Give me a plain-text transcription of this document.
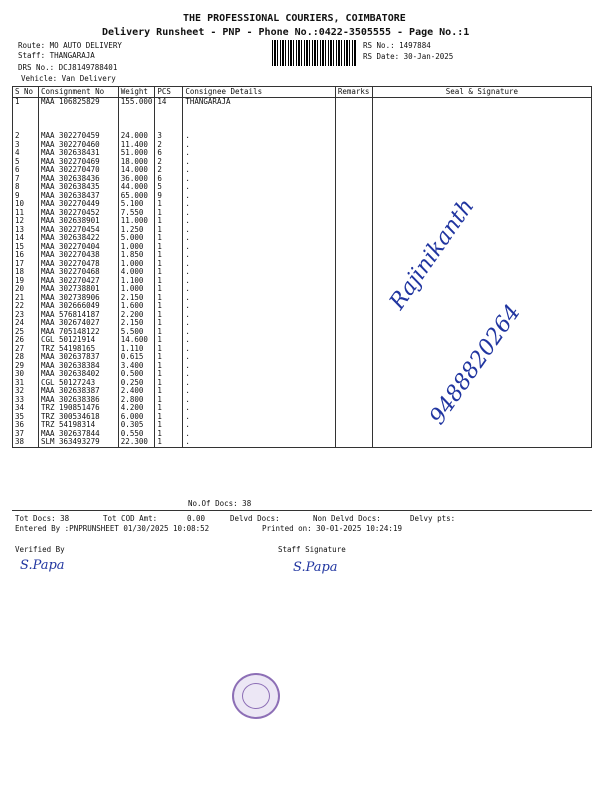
THE PROFESSIONAL COURIERS, COIMBATORE
Delivery Runsheet - PNP - Phone No.:0422-3505555 - Page No.:1
Route: MO AUTO DELIVERY
Staff: THANGARAJA
DRS No.: DCJ8149788401
Vehicle: Van Delivery
RS No.: 1497884
RS Date: 30-Jan-2025
S No	Consignment No	Weight	PCS	Consignee Details	Remarks	Seal & Signature
1	MAA 106825829	155.000	14	THANGARAJA		

2	MAA 302270459	24.000	3	.		
3	MAA 302270460	11.400	2	.		
4	MAA 302638431	51.000	6	.		
5	MAA 302270469	18.000	2	.		
6	MAA 302270470	14.000	2	.		
7	MAA 302638436	36.000	6	.		
8	MAA 302638435	44.000	5	.		
9	MAA 302638437	65.000	9	.		
10	MAA 302270449	5.100	1	.		
11	MAA 302270452	7.550	1	.		
12	MAA 302638901	11.000	1	.		
13	MAA 302270454	1.250	1	.		
14	MAA 302638422	5.000	1	.		
15	MAA 302270404	1.000	1	.		
16	MAA 302270438	1.850	1	.		
17	MAA 302270478	1.000	1	.		
18	MAA 302270468	4.000	1	.		
19	MAA 302270427	1.100	1	.		
20	MAA 302738801	1.000	1	.		
21	MAA 302738906	2.150	1	.		
22	MAA 302666049	1.600	1	.		
23	MAA 576814187	2.200	1	.		
24	MAA 302674027	2.150	1	.		
25	MAA 705148122	5.500	1	.		
26	CGL 50121914	14.600	1	.		
27	TRZ 54198165	1.110	1	.		
28	MAA 302637837	0.615	1	.		
29	MAA 302638384	3.400	1	.		
30	MAA 302638402	0.500	1	.		
31	CGL 50127243	0.250	1	.		
32	MAA 302638387	2.400	1	.		
33	MAA 302638386	2.800	1	.		
34	TRZ 190851476	4.200	1	.		
35	TRZ 300534618	6.000	1	.		
36	TRZ 54198314	0.305	1	.		
37	MAA 302637844	0.550	1	.		
38	SLM 363493279	22.300	1	.		
No.Of Docs: 38
Tot Docs: 38	Tot COD Amt:	0.00	Delvd Docs:	Non Delvd Docs:	Delvy pts:
Entered By :PNPRUNSHEET 01/30/2025 10:08:52	Printed on: 30-01-2025 10:24:19
Verified By	Staff Signature
S.Papa	S.Papa
Rajinikanth
9488820264
